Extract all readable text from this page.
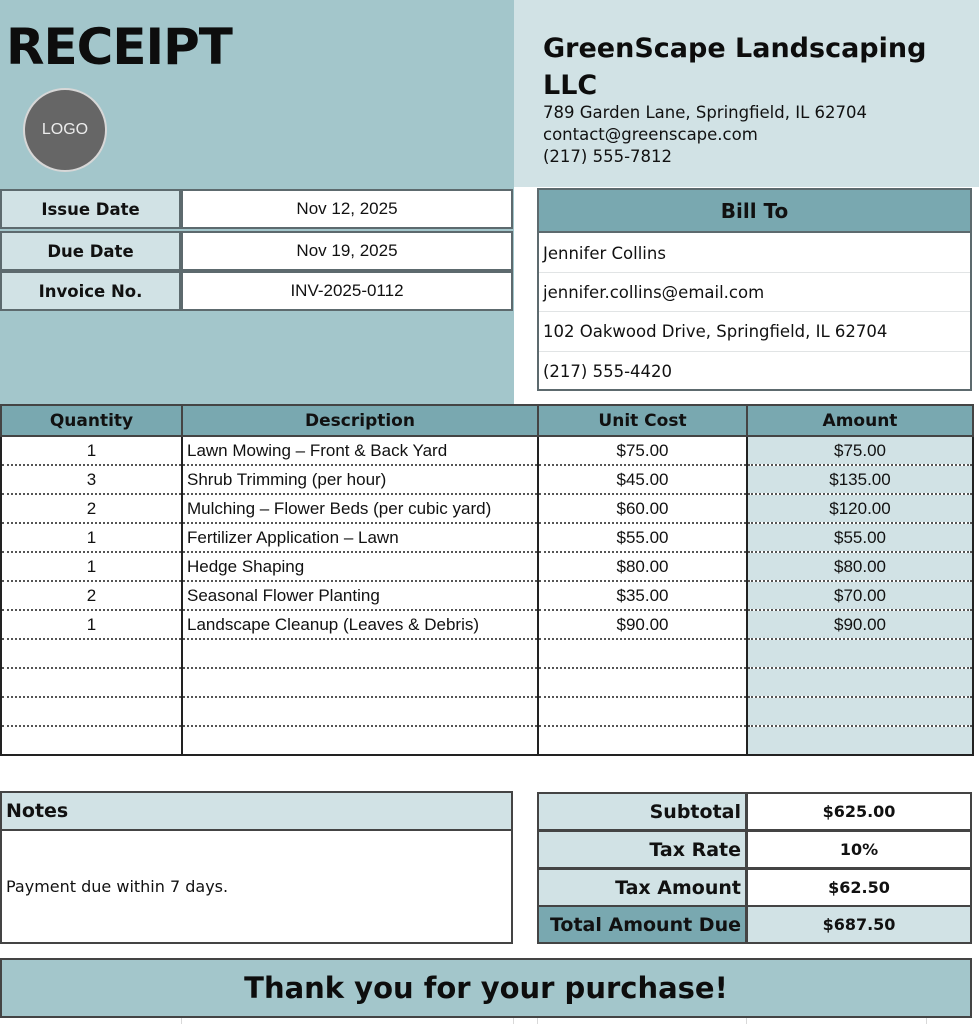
RECEIPT
LOGO
GreenScape Landscaping LLC
789 Garden Lane, Springfield, IL 62704
contact@greenscape.com
(217) 555-7812
Issue Date	Nov 12, 2025
Due Date	Nov 19, 2025
Invoice No.	INV-2025-0112
Bill To
Jennifer Collins
jennifer.collins@email.com
102 Oakwood Drive, Springfield, IL 62704
(217) 555-4420
Quantity	Description	Unit Cost	Amount
1	Lawn Mowing – Front & Back Yard	$75.00	$75.00
3	Shrub Trimming (per hour)	$45.00	$135.00
2	Mulching – Flower Beds (per cubic yard)	$60.00	$120.00
1	Fertilizer Application – Lawn	$55.00	$55.00
1	Hedge Shaping	$80.00	$80.00
2	Seasonal Flower Planting	$35.00	$70.00
1	Landscape Cleanup (Leaves & Debris)	$90.00	$90.00

Notes
Payment due within 7 days.
Subtotal	$625.00
Tax Rate	10%
Tax Amount	$62.50
Total Amount Due	$687.50
Thank you for your purchase!
